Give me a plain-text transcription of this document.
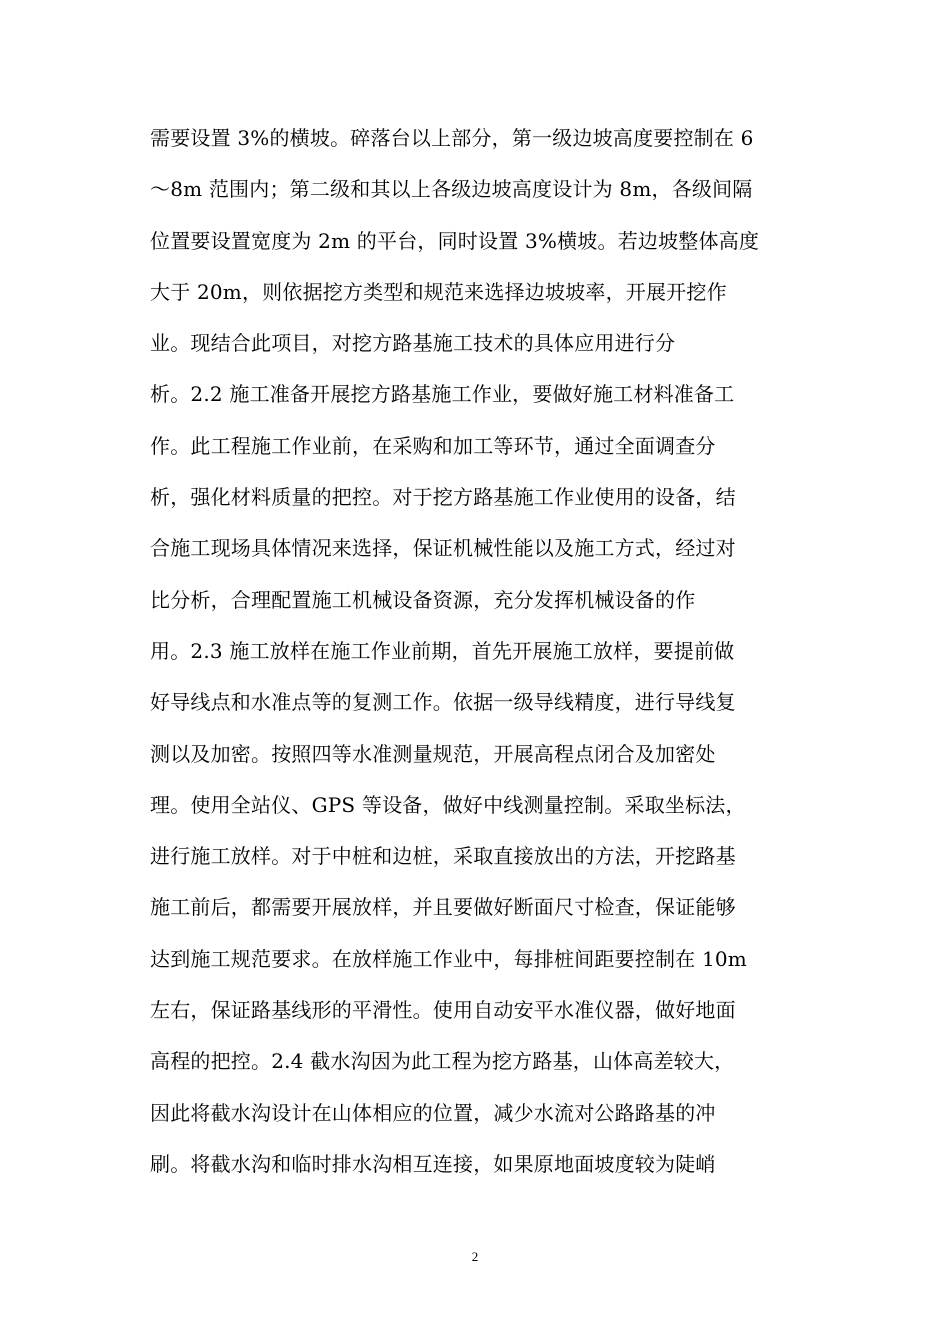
需要设置 3%的横坡。碎落台以上部分，第一级边坡高度要控制在 6
～8m 范围内；第二级和其以上各级边坡高度设计为 8m，各级间隔
位置要设置宽度为 2m 的平台，同时设置 3%横坡。若边坡整体高度
大于 20m，则依据挖方类型和规范来选择边坡坡率，开展开挖作
业。现结合此项目，对挖方路基施工技术的具体应用进行分
析。2.2 施工准备开展挖方路基施工作业，要做好施工材料准备工
作。此工程施工作业前，在采购和加工等环节，通过全面调查分
析，强化材料质量的把控。对于挖方路基施工作业使用的设备，结
合施工现场具体情况来选择，保证机械性能以及施工方式，经过对
比分析，合理配置施工机械设备资源，充分发挥机械设备的作
用。2.3 施工放样在施工作业前期，首先开展施工放样，要提前做
好导线点和水准点等的复测工作。依据一级导线精度，进行导线复
测以及加密。按照四等水准测量规范，开展高程点闭合及加密处
理。使用全站仪、GPS 等设备，做好中线测量控制。采取坐标法，
进行施工放样。对于中桩和边桩，采取直接放出的方法，开挖路基
施工前后，都需要开展放样，并且要做好断面尺寸检查，保证能够
达到施工规范要求。在放样施工作业中，每排桩间距要控制在 10m
左右，保证路基线形的平滑性。使用自动安平水准仪器，做好地面
高程的把控。2.4 截水沟因为此工程为挖方路基，山体高差较大，
因此将截水沟设计在山体相应的位置，减少水流对公路路基的冲
刷。将截水沟和临时排水沟相互连接，如果原地面坡度较为陡峭
2
